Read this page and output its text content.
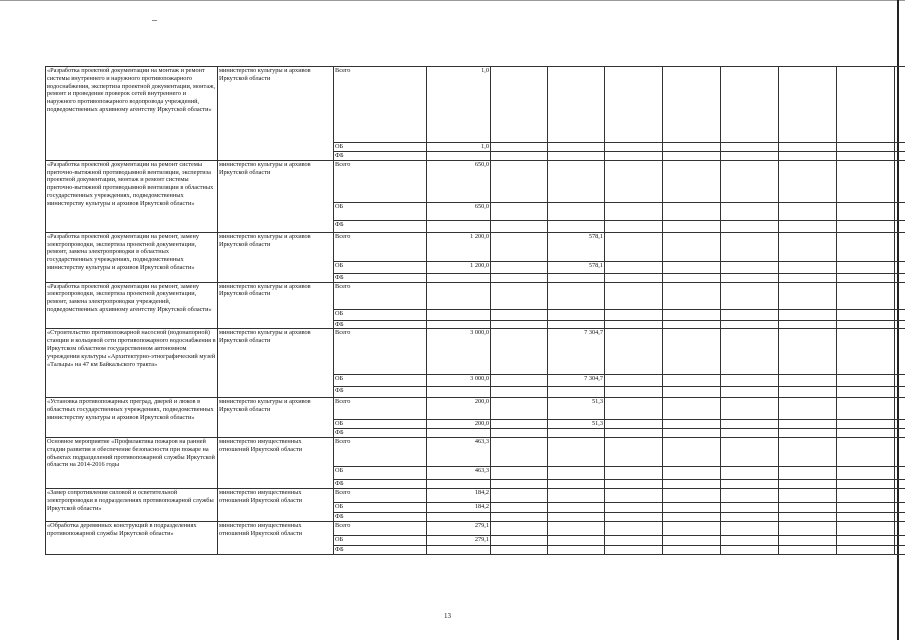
«Разработка проектной документации на монтаж и ремонт системы внутреннего и наружного противопожарного водоснабжения, экспертиза проектной документации, монтаж, ремонт и проведение проверок сетей внутреннего и наружного противопожарного водопровода учреждений, подведомственных архивному агентству Иркутской области»	министерство культуры и архивов Иркутской области	Всего	1,0								
		ОБ	1,0								
		ФБ									
«Разработка проектной документации на ремонт системы приточно-вытяжной противодымной вентиляции, экспертиза проектной документации, монтаж и ремонт системы приточно-вытяжной противодымной вентиляции в областных государственных учреждениях, подведомственных министерству культуры и архивов Иркутской области»	министерство культуры и архивов Иркутской области	Всего	650,0								
		ОБ	650,0								
		ФБ									
«Разработка проектной документации на ремонт, замену электропроводки, экспертиза проектной документации, ремонт, замена электропроводки в областных государственных учреждениях, подведомственных министерству культуры и архивов Иркутской области»	министерство культуры и архивов Иркутской области	Всего	1 200,0		578,1						
		ОБ	1 200,0		578,1						
		ФБ									
«Разработка проектной документации на ремонт, замену электропроводки, экспертиза проектной документации, ремонт, замена электропроводки учреждений, подведомственных архивному агентству Иркутской области»	министерство культуры и архивов Иркутской области	Всего									
		ОБ									
		ФБ									
«Строительство противопожарной насосной (водонапорной) станции и кольцевой сети противопожарного водоснабжения в Иркутском областном государственном автономном учреждении культуры «Архитектурно-этнографический музей «Тальцы» на 47 км Байкальского тракта»	министерство культуры и архивов Иркутской области	Всего	3 000,0		7 304,7						
		ОБ	3 000,0		7 304,7						
		ФБ									
«Установка противопожарных преград, дверей и люков в областных государственных учреждениях, подведомственных министерству культуры и архивов Иркутской области»	министерство культуры и архивов Иркутской области	Всего	200,0		51,3						
		ОБ	200,0		51,3						
		ФБ									
Основное мероприятие «Профилактика пожаров на ранней стадии развития и обеспечение безопасности при пожаре на объектах подразделений противопожарной службы Иркутской области на 2014-2016 годы	министерство имущественных отношений Иркутской области	Всего	463,3								
		ОБ	463,3								
		ФБ									
«Замер сопротивления силовой и осветительной электропроводки в подразделениях противопожарной службы Иркутской области»	министерство имущественных отношений Иркутской области	Всего	184,2								
		ОБ	184,2								
		ФБ									
«Обработка деревянных конструкций в подразделениях противопожарной службы Иркутской области»	министерство имущественных отношений Иркутской области	Всего	279,1								
		ОБ	279,1								
		ФБ									
13
